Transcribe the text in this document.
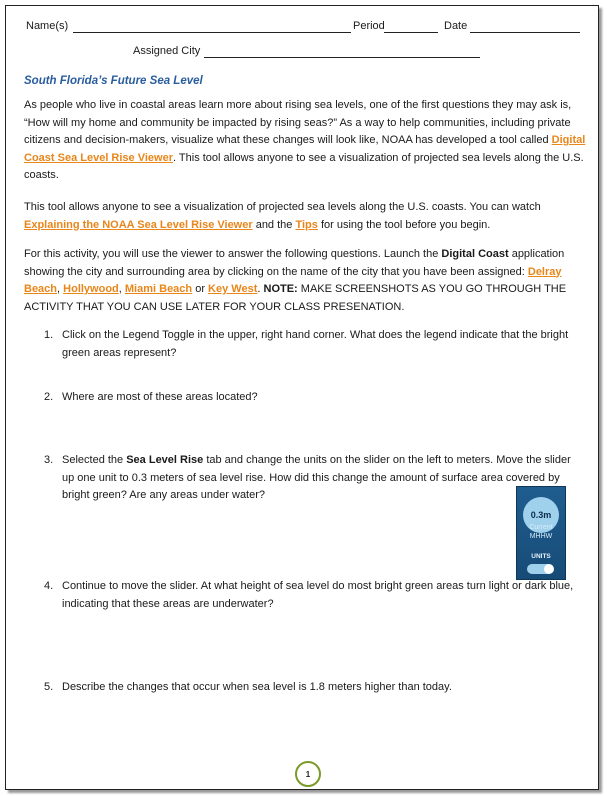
Name(s)	Period	Date
Assigned City
South Florida’s Future Sea Level
As people who live in coastal areas learn more about rising sea levels, one of the first questions they may ask is, “How will my home and community be impacted by rising seas?” As a way to help communities, including private citizens and decision-makers, visualize what these changes will look like, NOAA has developed a tool called Digital Coast Sea Level Rise Viewer. This tool allows anyone to see a visualization of projected sea levels along the U.S. coasts.
This tool allows anyone to see a visualization of projected sea levels along the U.S. coasts. You can watch Explaining the NOAA Sea Level Rise Viewer and the Tips for using the tool before you begin.
For this activity, you will use the viewer to answer the following questions. Launch the Digital Coast application showing the city and surrounding area by clicking on the name of the city that you have been assigned: Delray Beach, Hollywood, Miami Beach or Key West. NOTE: MAKE SCREENSHOTS AS YOU GO THROUGH THE ACTIVITY THAT YOU CAN USE LATER FOR YOUR CLASS PRESENATION.
1. Click on the Legend Toggle in the upper, right hand corner. What does the legend indicate that the bright green areas represent?
2. Where are most of these areas located?
3. Selected the Sea Level Rise tab and change the units on the slider on the left to meters. Move the slider up one unit to 0.3 meters of sea level rise. How did this change the amount of surface area covered by bright green? Are any areas under water?
0.3m
Current
MHHW
UNITS
4. Continue to move the slider. At what height of sea level do most bright green areas turn light or dark blue, indicating that these areas are underwater?
5. Describe the changes that occur when sea level is 1.8 meters higher than today.
1
